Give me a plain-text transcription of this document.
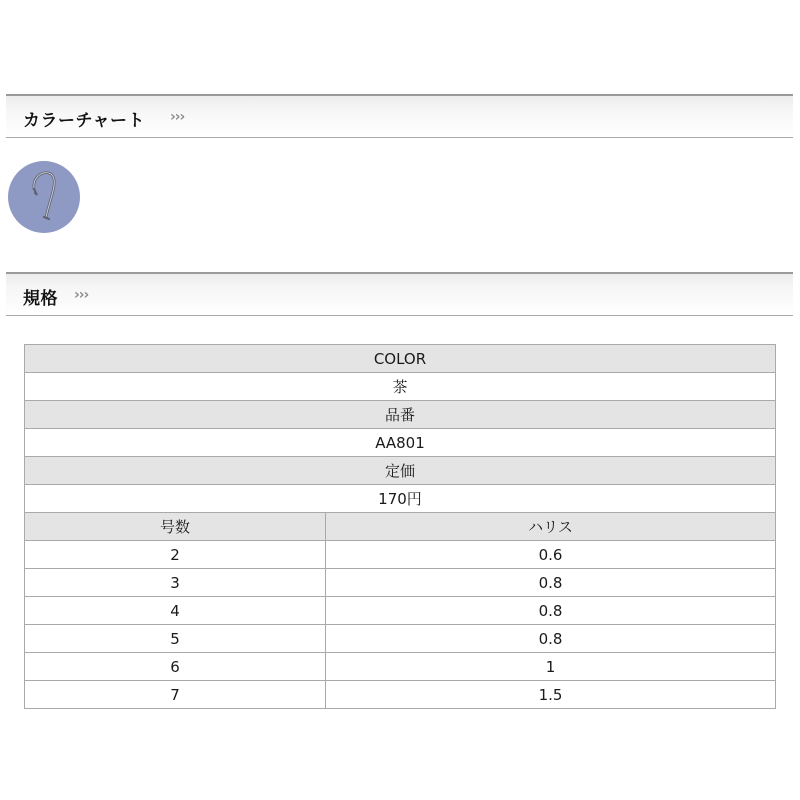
カラーチャート ›››
規格 ›››
COLOR	
茶	
品番	
AA801	
定価	
170円	
号数	ハリス
2	0.6
3	0.8
4	0.8
5	0.8
6	1
7	1.5
